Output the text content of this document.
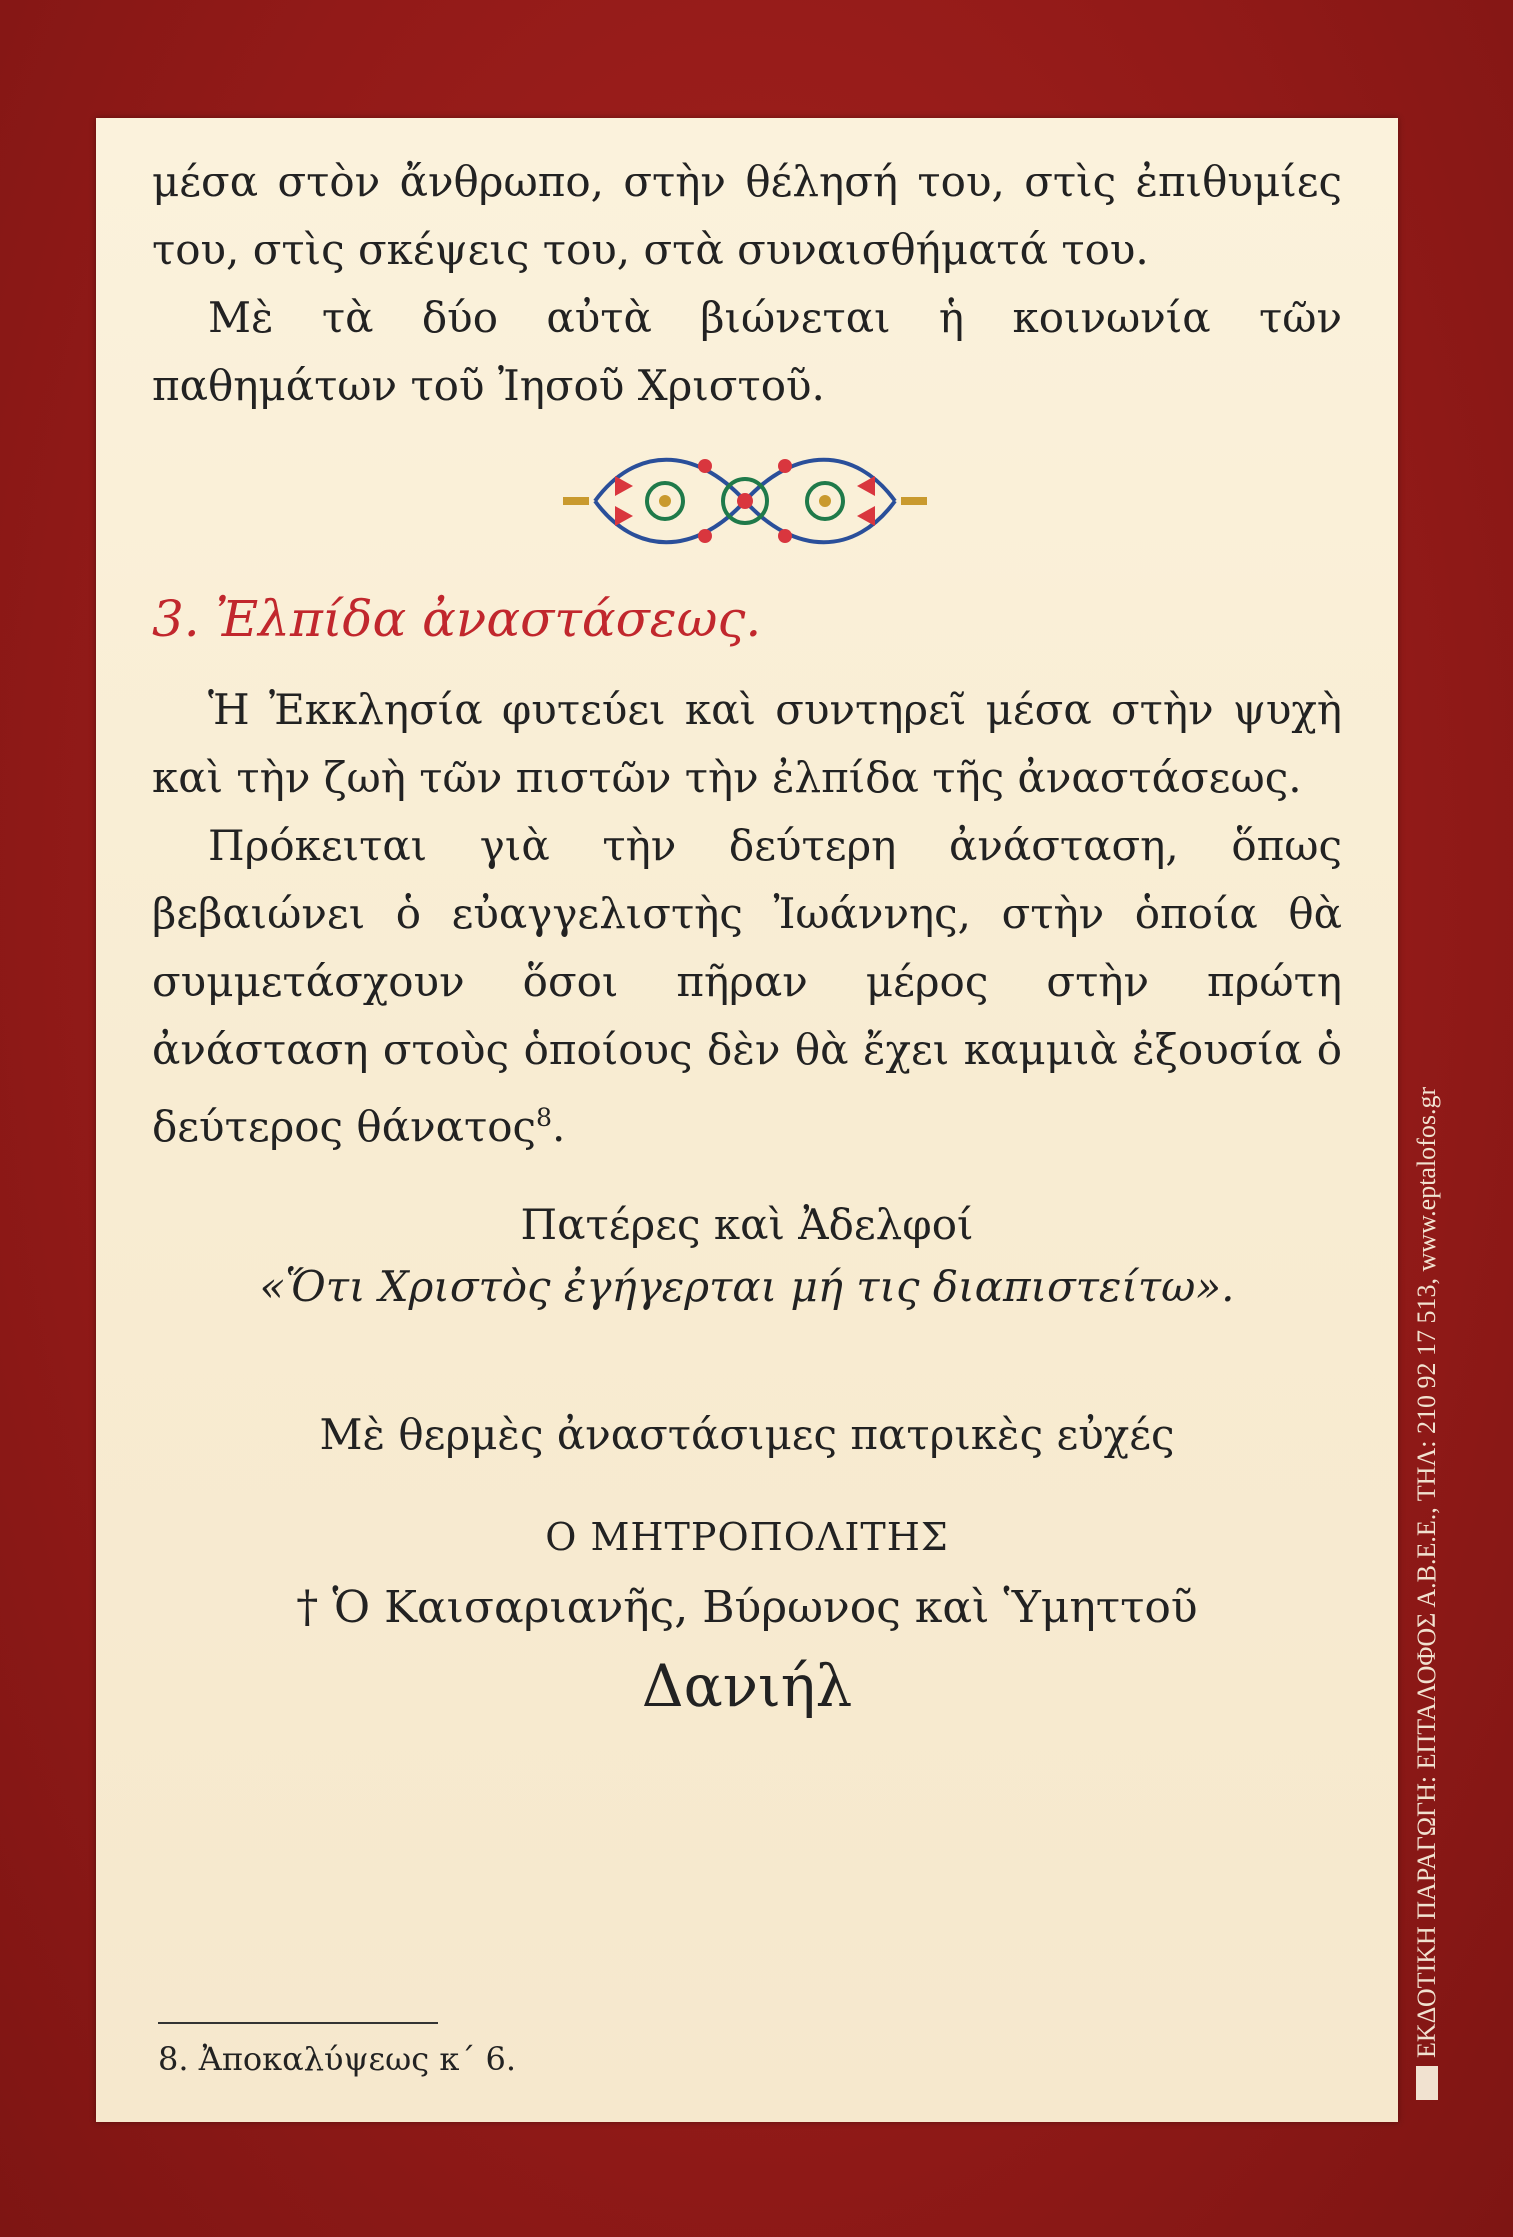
μέσα στὸν ἄνθρωπο, στὴν θέλησή του, στὶς ἐπιθυμίες του, στὶς σκέψεις του, στὰ συναισθήματά του.

Μὲ τὰ δύο αὐτὰ βιώνεται ἡ κοινωνία τῶν παθημάτων τοῦ Ἰησοῦ Χριστοῦ.

3. Ἐλπίδα ἀναστάσεως.

Ἡ Ἐκκλησία φυτεύει καὶ συντηρεῖ μέσα στὴν ψυχὴ καὶ τὴν ζωὴ τῶν πιστῶν τὴν ἐλπίδα τῆς ἀναστάσεως.

Πρόκειται γιὰ τὴν δεύτερη ἀνάσταση, ὅπως βεβαιώνει ὁ εὐαγγελιστὴς Ἰωάννης, στὴν ὁποία θὰ συμμετάσχουν ὅσοι πῆραν μέρος στὴν πρώτη ἀνάσταση στοὺς ὁποίους δὲν θὰ ἔχει καμμιὰ ἐξουσία ὁ δεύτερος θάνατος$^8$.

Πατέρες καὶ Ἀδελφοί
«Ὅτι Χριστὸς ἐγήγερται μή τις διαπιστείτω».
Μὲ θερμὲς ἀναστάσιμες πατρικὲς εὐχές
Ο ΜΗΤΡΟΠΟΛΙΤΗΣ
† Ὁ Καισαριανῆς, Βύρωνος καὶ Ὑμηττοῦ
Δανιήλ
8. Ἀποκαλύψεως κ΄ 6.
ΕΚΔΟΤΙΚΗ ΠΑΡΑΓΩΓΗ: ΕΠΤΑΛΟΦΟΣ Α.Β.Ε.Ε., ΤΗΛ: 210 92 17 513, www.eptalofos.gr
